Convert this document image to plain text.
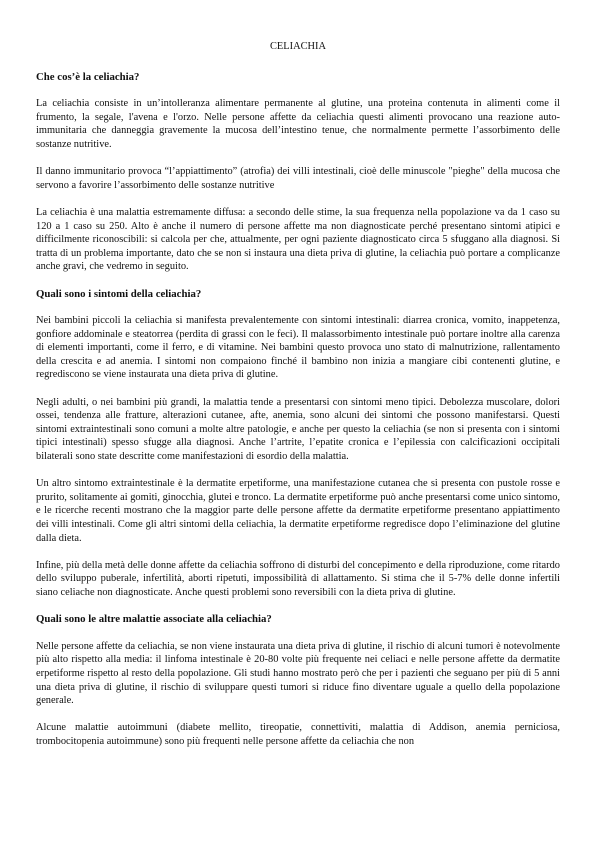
CELIACHIA
Che cos’è la celiachia?

La celiachia consiste in un’intolleranza alimentare permanente al glutine, una proteina contenuta in alimenti come il frumento, la segale, l'avena e l'orzo. Nelle persone affette da celiachia questi alimenti provocano una reazione auto-immunitaria che danneggia gravemente la mucosa dell’intestino tenue, che normalmente permette l’assorbimento delle sostanze nutritive.

Il danno immunitario provoca “l’appiattimento” (atrofia) dei villi intestinali, cioè delle minuscole "pieghe" della mucosa che servono a favorire l’assorbimento delle sostanze nutritive

La celiachia è una malattia estremamente diffusa: a secondo delle stime, la sua frequenza nella popolazione va da 1 caso su 120 a 1 caso su 250. Alto è anche il numero di persone affette ma non diagnosticate perché presentano sintomi atipici e difficilmente riconoscibili: si calcola per che, attualmente, per ogni paziente diagnosticato circa 5 sfuggano alla diagnosi. Si tratta di un problema importante, dato che se non si instaura una dieta priva di glutine, la celiachia può portare a complicanze anche gravi, che vedremo in seguito.

Quali sono i sintomi della celiachia?

Nei bambini piccoli la celiachia si manifesta prevalentemente con sintomi intestinali: diarrea cronica, vomito, inappetenza, gonfiore addominale e steatorrea (perdita di grassi con le feci). Il malassorbimento intestinale può portare inoltre alla carenza di elementi importanti, come il ferro, e di vitamine. Nei bambini questo provoca uno stato di malnutrizione, rallentamento della crescita e ad anemia. I sintomi non compaiono finché il bambino non inizia a mangiare cibi contenenti glutine, e regrediscono se viene instaurata una dieta priva di glutine.

Negli adulti, o nei bambini più grandi, la malattia tende a presentarsi con sintomi meno tipici. Debolezza muscolare, dolori ossei, tendenza alle fratture, alterazioni cutanee, afte, anemia, sono alcuni dei sintomi che possono manifestarsi. Questi sintomi extraintestinali sono comuni a molte altre patologie, e anche per questo la celiachia (se non si presenta con i sintomi tipici intestinali) spesso sfugge alla diagnosi. Anche l’artrite, l’epatite cronica e l’epilessia con calcificazioni occipitali bilaterali sono state descritte come manifestazioni di esordio della malattia.

Un altro sintomo extraintestinale è la dermatite erpetiforme, una manifestazione cutanea che si presenta con pustole rosse e prurito, solitamente ai gomiti, ginocchia, glutei e tronco. La dermatite erpetiforme può anche presentarsi come unico sintomo, e le ricerche recenti mostrano che la maggior parte delle persone affette da dermatite erpetiforme presentano appiattimento dei villi intestinali. Come gli altri sintomi della celiachia, la dermatite erpetiforme regredisce dopo l’eliminazione del glutine dalla dieta.

Infine, più della metà delle donne affette da celiachia soffrono di disturbi del concepimento e della riproduzione, come ritardo dello sviluppo puberale, infertilità, aborti ripetuti, impossibilità di allattamento. Si stima che il 5-7% delle donne infertili siano celiache non diagnosticate. Anche questi problemi sono reversibili con la dieta priva di glutine.

Quali sono le altre malattie associate alla celiachia?

Nelle persone affette da celiachia, se non viene instaurata una dieta priva di glutine, il rischio di alcuni tumori è notevolmente più alto rispetto alla media: il linfoma intestinale è 20-80 volte più frequente nei celiaci e nelle persone affette da dermatite erpetiforme rispetto al resto della popolazione. Gli studi hanno mostrato però che per i pazienti che seguano per più di 5 anni una dieta priva di glutine, il rischio di sviluppare questi tumori si riduce fino diventare uguale a quello della popolazione generale.

Alcune malattie autoimmuni (diabete mellito, tireopatie, connettiviti, malattia di Addison, anemia perniciosa, trombocitopenia autoimmune) sono più frequenti nelle persone affette da celiachia che non
